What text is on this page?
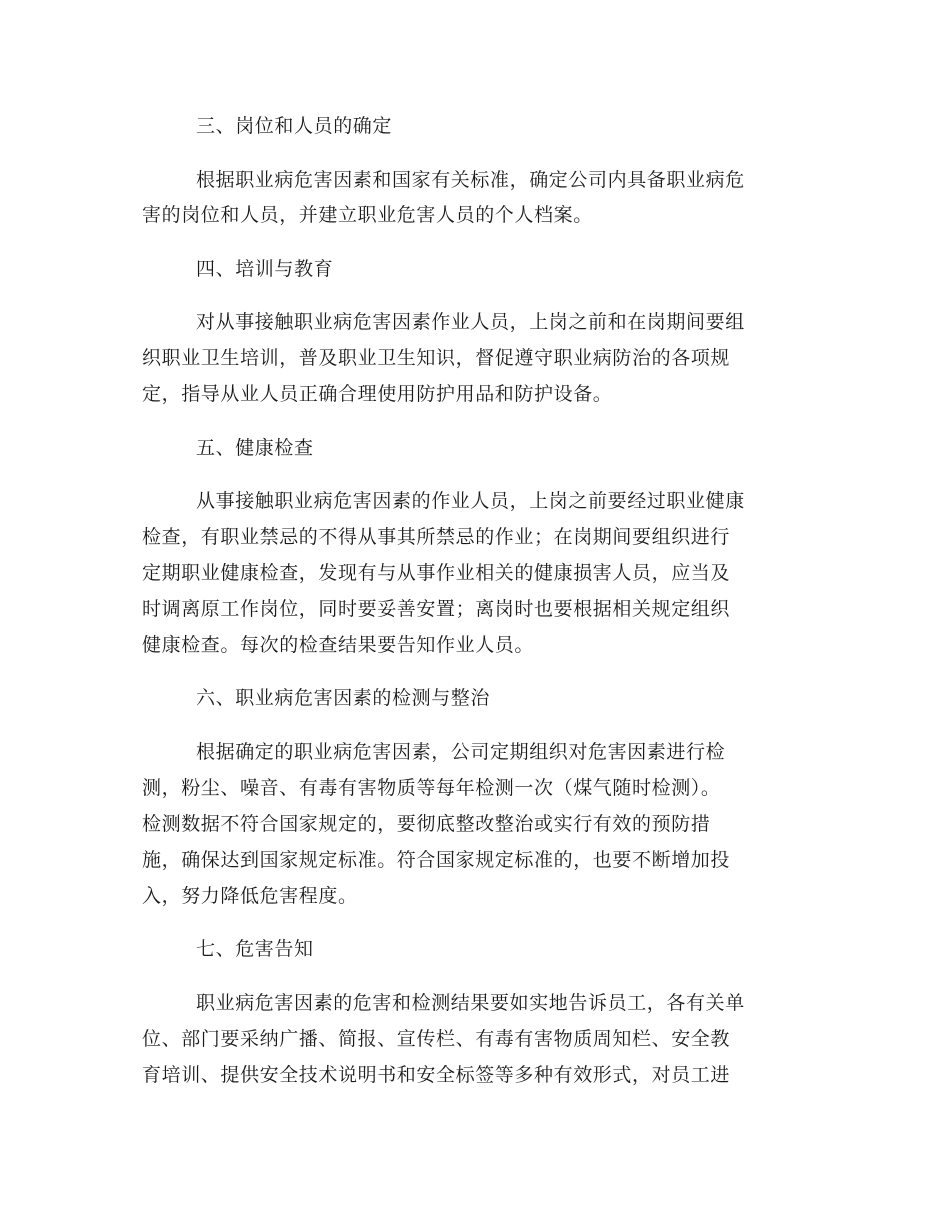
三、岗位和人员的确定
根据职业病危害因素和国家有关标准，确定公司内具备职业病危
害的岗位和人员，并建立职业危害人员的个人档案。
四、培训与教育
对从事接触职业病危害因素作业人员，上岗之前和在岗期间要组
织职业卫生培训，普及职业卫生知识，督促遵守职业病防治的各项规
定，指导从业人员正确合理使用防护用品和防护设备。
五、健康检查
从事接触职业病危害因素的作业人员，上岗之前要经过职业健康
检查，有职业禁忌的不得从事其所禁忌的作业；在岗期间要组织进行
定期职业健康检查，发现有与从事作业相关的健康损害人员，应当及
时调离原工作岗位，同时要妥善安置；离岗时也要根据相关规定组织
健康检查。每次的检查结果要告知作业人员。
六、职业病危害因素的检测与整治
根据确定的职业病危害因素，公司定期组织对危害因素进行检
测，粉尘、噪音、有毒有害物质等每年检测一次（煤气随时检测）。
检测数据不符合国家规定的，要彻底整改整治或实行有效的预防措
施，确保达到国家规定标准。符合国家规定标准的，也要不断增加投
入，努力降低危害程度。
七、危害告知
职业病危害因素的危害和检测结果要如实地告诉员工，各有关单
位、部门要采纳广播、简报、宣传栏、有毒有害物质周知栏、安全教
育培训、提供安全技术说明书和安全标签等多种有效形式，对员工进
